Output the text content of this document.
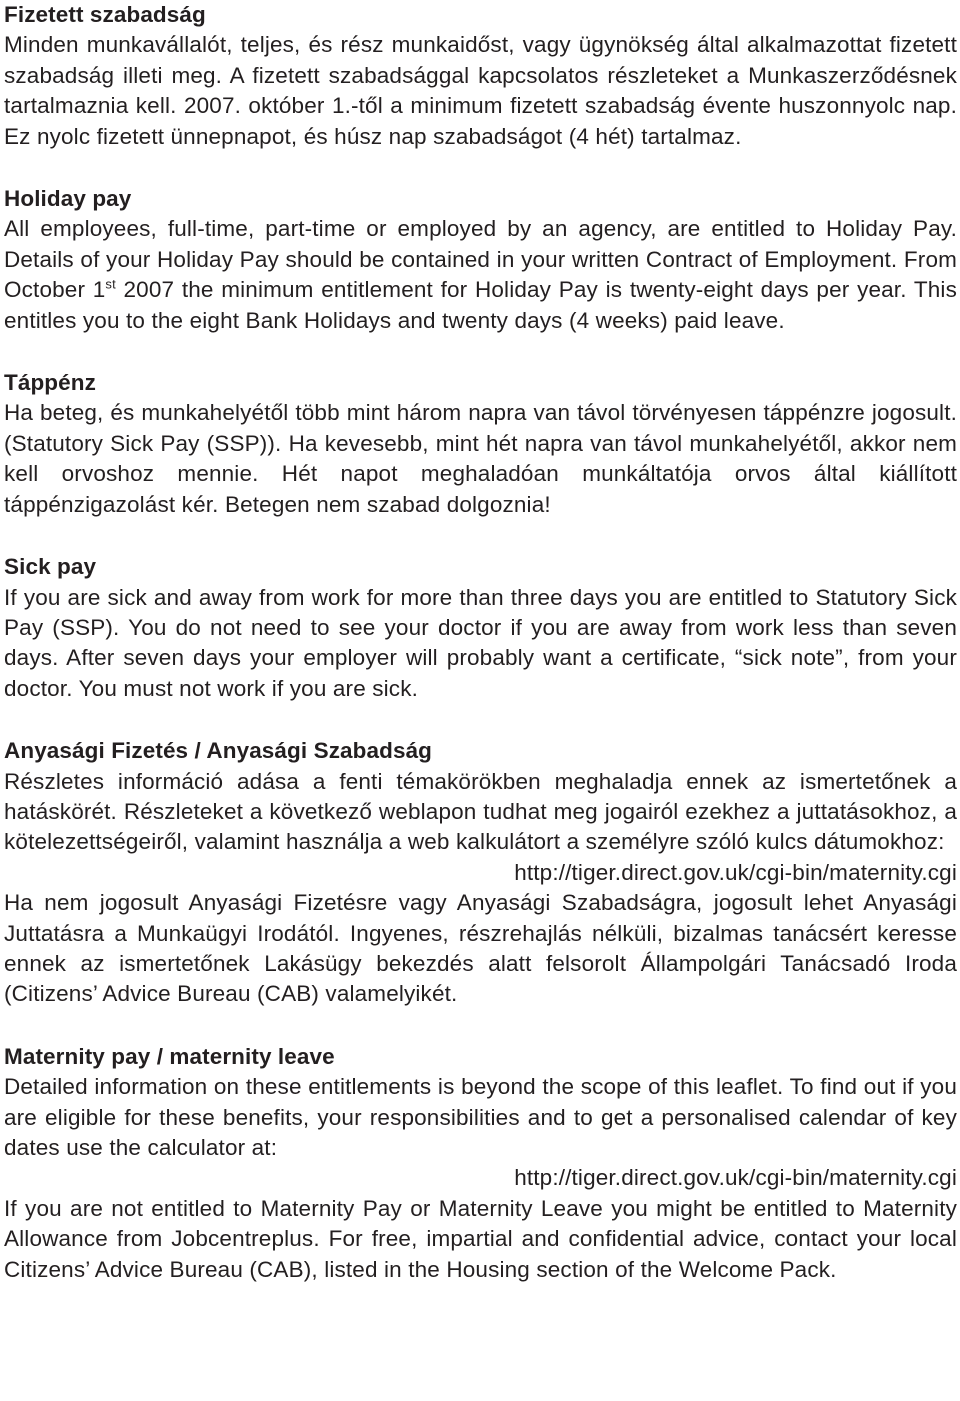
Fizetett szabadság

Minden munkavállalót, teljes, és rész munkaidőst, vagy ügynökség által alkalmazottat fizetett szabadság illeti meg. A fizetett szabadsággal kapcsolatos részleteket a Munkaszerződésnek tartalmaznia kell. 2007. október 1.-től a minimum fizetett szabadság évente huszonnyolc nap. Ez nyolc fizetett ünnepnapot, és húsz nap szabadságot (4 hét) tartalmaz.

Holiday pay

All employees, full-time, part-time or employed by an agency, are entitled to Holiday Pay. Details of your Holiday Pay should be contained in your written Contract of Employment. From October 1st 2007 the minimum entitlement for Holiday Pay is twenty-eight days per year. This entitles you to the eight Bank Holidays and twenty days (4 weeks) paid leave.

Táppénz

Ha beteg, és munkahelyétől több mint három napra van távol törvényesen táppénzre jogosult. (Statutory Sick Pay (SSP)). Ha kevesebb, mint hét napra van távol munkahelyétől, akkor nem kell orvoshoz mennie. Hét napot meghaladóan munkáltatója orvos által kiállított táppénzigazolást kér. Betegen nem szabad dolgoznia!

Sick pay

If you are sick and away from work for more than three days you are entitled to Statutory Sick Pay (SSP). You do not need to see your doctor if you are away from work less than seven days. After seven days your employer will probably want a certificate, “sick note”, from your doctor. You must not work if you are sick.

Anyasági Fizetés / Anyasági Szabadság

Részletes információ adása a fenti témakörökben meghaladja ennek az ismertetőnek a hatáskörét. Részleteket a következő weblapon tudhat meg jogairól ezekhez a juttatásokhoz, a kötelezettségeiről, valamint használja a web kalkulátort a személyre szóló kulcs dátumokhoz:

http://tiger.direct.gov.uk/cgi-bin/maternity.cgi

Ha nem jogosult Anyasági Fizetésre vagy Anyasági Szabadságra, jogosult lehet Anyasági Juttatásra a Munkaügyi Irodától. Ingyenes, részrehajlás nélküli, bizalmas tanácsért keresse ennek az ismertetőnek Lakásügy bekezdés alatt felsorolt Állampolgári Tanácsadó Iroda (Citizens’ Advice Bureau (CAB) valamelyikét.

Maternity pay / maternity leave

Detailed information on these entitlements is beyond the scope of this leaflet. To find out if you are eligible for these benefits, your responsibilities and to get a personalised calendar of key dates use the calculator at:

http://tiger.direct.gov.uk/cgi-bin/maternity.cgi

If you are not entitled to Maternity Pay or Maternity Leave you might be entitled to Maternity Allowance from Jobcentreplus. For free, impartial and confidential advice, contact your local Citizens’ Advice Bureau (CAB), listed in the Housing section of the Welcome Pack.
